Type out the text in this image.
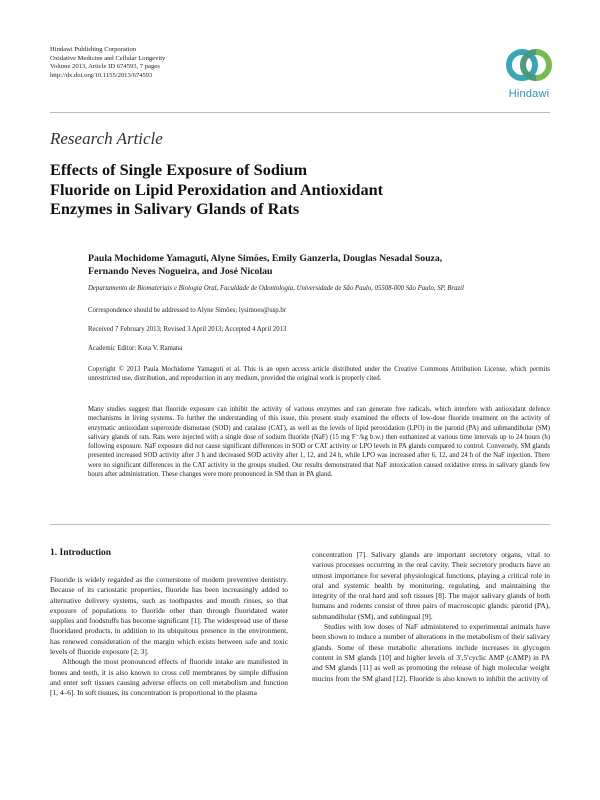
Hindawi Publishing Corporation
Oxidative Medicine and Cellular Longevity
Volume 2013, Article ID 674593, 7 pages
http://dx.doi.org/10.1155/2013/674593
Hindawi
Research Article
Effects of Single Exposure of Sodium
Fluoride on Lipid Peroxidation and Antioxidant
Enzymes in Salivary Glands of Rats
Paula Mochidome Yamaguti, Alyne Simões, Emily Ganzerla, Douglas Nesadal Souza,
Fernando Neves Nogueira, and José Nicolau
Departamento de Biomateriais e Biologia Oral, Faculdade de Odontologia, Universidade de São Paulo, 05508-000 São Paulo, SP, Brazil
Correspondence should be addressed to Alyne Simões; lysimoes@usp.br
Received 7 February 2013; Revised 3 April 2013; Accepted 4 April 2013
Academic Editor: Kota V. Ramana
Copyright © 2013 Paula Mochidome Yamaguti et al. This is an open access article distributed under the Creative Commons Attribution License, which permits unrestricted use, distribution, and reproduction in any medium, provided the original work is properly cited.
Many studies suggest that fluoride exposure can inhibit the activity of various enzymes and can generate free radicals, which interfere with antioxidant defence mechanisms in living systems. To further the understanding of this issue, this present study examined the effects of low-dose fluoride treatment on the activity of enzymatic antioxidant superoxide dismutase (SOD) and catalase (CAT), as well as the levels of lipid peroxidation (LPO) in the parotid (PA) and submandibular (SM) salivary glands of rats. Rats were injected with a single dose of sodium fluoride (NaF) (15 mg F⁻/kg b.w.) then euthanized at various time intervals up to 24 hours (h) following exposure. NaF exposure did not cause significant differences in SOD or CAT activity or LPO levels in PA glands compared to control. Conversely, SM glands presented increased SOD activity after 3 h and decreased SOD activity after 1, 12, and 24 h, while LPO was increased after 6, 12, and 24 h of the NaF injection. There were no significant differences in the CAT activity in the groups studied. Our results demonstrated that NaF intoxication caused oxidative stress in salivary glands few hours after administration. These changes were more pronounced in SM than in PA gland.
1. Introduction

Fluoride is widely regarded as the cornerstone of modern preventive dentistry. Because of its cariostatic properties, fluoride has been increasingly added to alternative delivery systems, such as toothpastes and mouth rinses, so that exposure of populations to fluoride other than through fluoridated water supplies and foodstuffs has become significant [1]. The widespread use of these fluoridated products, in addition to its ubiquitous presence in the environment, has renewed consideration of the margin which exists between safe and toxic levels of fluoride exposure [2, 3].

Although the most pronounced effects of fluoride intake are manifested in bones and teeth, it is also known to cross cell membranes by simple diffusion and enter soft tissues causing adverse effects on cell metabolism and function [1, 4–6]. In soft tissues, its concentration is proportional to the plasma

concentration [7]. Salivary glands are important secretory organs, vital to various processes occurring in the oral cavity. Their secretory products have an utmost importance for several physiological functions, playing a critical role in oral and systemic health by monitoring, regulating, and maintaining the integrity of the oral hard and soft tissues [8]. The major salivary glands of both humans and rodents consist of three pairs of macroscopic glands: parotid (PA), submandibular (SM), and sublingual [9].

Studies with low doses of NaF administered to experimental animals have been shown to induce a number of alterations in the metabolism of their salivary glands. Some of these metabolic alterations include increases in glycogen content in SM glands [10] and higher levels of 3′,5′cyclic AMP (cAMP) in PA and SM glands [11] as well as promoting the release of high molecular weight mucins from the SM gland [12]. Fluoride is also known to inhibit the activity of
